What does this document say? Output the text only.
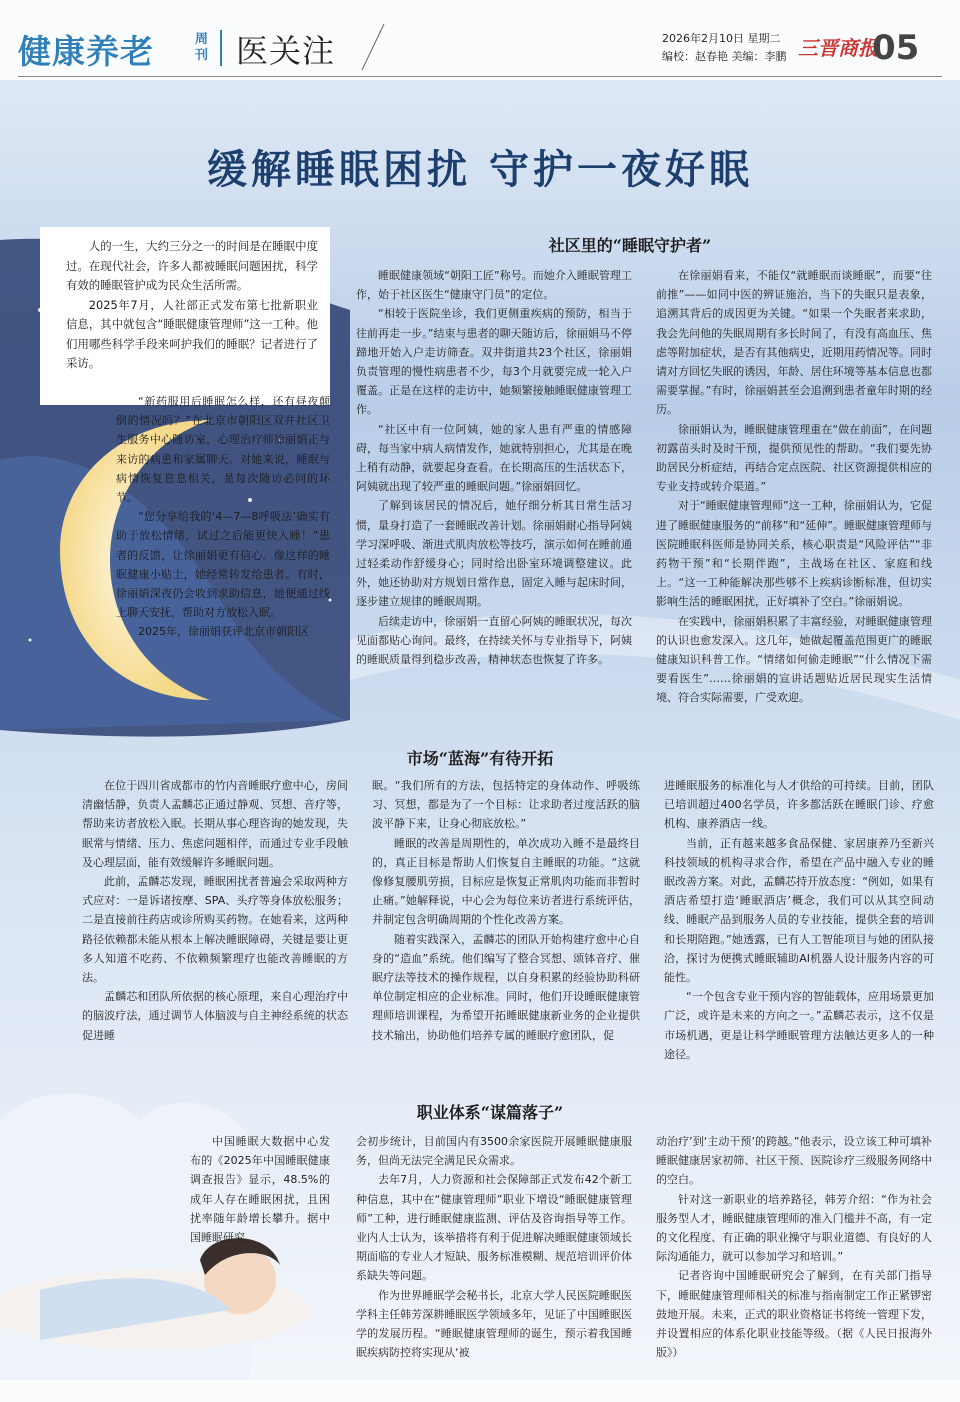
健康养老	周刊 医关注	2026年2月10日 星期二
编校：赵春艳 美编：李鹏 三晋商报
05
缓解睡眠困扰 守护一夜好眠

人的一生，大约三分之一的时间是在睡眠中度过。在现代社会，许多人都被睡眠问题困扰，科学有效的睡眠管护成为民众生活所需。

2025年7月，人社部正式发布第七批新职业信息，其中就包含“睡眠健康管理师”这一工种。他们用哪些科学手段来呵护我们的睡眠？记者进行了采访。

社区里的“睡眠守护者”

“新药服用后睡眠怎么样，还有昼夜颠倒的情况吗？”在北京市朝阳区双井社区卫生服务中心随访室，心理治疗师徐丽娟正与来访的病患和家属聊天。对她来说，睡眠与病情恢复息息相关，是每次随访必问的环节。

“您分享给我的‘4—7—8呼吸法’确实有助于放松情绪，试过之后能更快入睡！”患者的反馈，让徐丽娟更有信心。像这样的睡眠健康小贴士，她经常转发给患者。有时，徐丽娟深夜仍会收到求助信息，她便通过线上聊天安抚，帮助对方放松入眠。

2025年，徐丽娟获评北京市朝阳区

睡眠健康领域“朝阳工匠”称号。而她介入睡眠管理工作，始于社区医生“健康守门员”的定位。

“相较于医院坐诊，我们更侧重疾病的预防，相当于往前再走一步。”结束与患者的聊天随访后，徐丽娟马不停蹄地开始入户走访筛查。双井街道共23个社区，徐丽娟负责管理的慢性病患者不少，每3个月就要完成一轮入户覆盖。正是在这样的走访中，她频繁接触睡眠健康管理工作。

“社区中有一位阿姨，她的家人患有严重的情感障碍，每当家中病人病情发作，她就特别担心，尤其是在晚上稍有动静，就要起身查看。在长期高压的生活状态下，阿姨就出现了较严重的睡眠问题。”徐丽娟回忆。

了解到该居民的情况后，她仔细分析其日常生活习惯，量身打造了一套睡眠改善计划。徐丽娟耐心指导阿姨学习深呼吸、渐进式肌肉放松等技巧，演示如何在睡前通过轻柔动作舒缓身心；同时给出卧室环境调整建议。此外，她还协助对方规划日常作息，固定入睡与起床时间，逐步建立规律的睡眠周期。

后续走访中，徐丽娟一直留心阿姨的睡眠状况，每次见面都贴心询问。最终，在持续关怀与专业指导下，阿姨的睡眠质量得到稳步改善，精神状态也恢复了许多。

在徐丽娟看来，不能仅“就睡眠而谈睡眠”，而要“往前推”——如同中医的辨证施治，当下的失眠只是表象，追溯其背后的成因更为关键。“如果一个失眠者来求助，我会先问他的失眠周期有多长时间了，有没有高血压、焦虑等附加症状，是否有其他病史，近期用药情况等。同时请对方回忆失眠的诱因，年龄、居住环境等基本信息也都需要掌握。”有时，徐丽娟甚至会追溯到患者童年时期的经历。

徐丽娟认为，睡眠健康管理重在“做在前面”，在问题初露苗头时及时干预，提供预见性的帮助。“我们要先协助居民分析症结，再结合定点医院、社区资源提供相应的专业支持或转介渠道。”

对于“睡眠健康管理师”这一工种，徐丽娟认为，它促进了睡眠健康服务的“前移”和“延伸”。睡眠健康管理师与医院睡眠科医师是协同关系，核心职责是“风险评估”“非药物干预”和“长期伴跑”，主战场在社区、家庭和线上。“这一工种能解决那些够不上疾病诊断标准，但切实影响生活的睡眠困扰，正好填补了空白。”徐丽娟说。

在实践中，徐丽娟积累了丰富经验，对睡眠健康管理的认识也愈发深入。这几年，她做起覆盖范围更广的睡眠健康知识科普工作。“情绪如何偷走睡眠”“什么情况下需要看医生”……徐丽娟的宣讲话题贴近居民现实生活情境、符合实际需要，广受欢迎。

市场“蓝海”有待开拓

在位于四川省成都市的竹内音睡眠疗愈中心，房间清幽恬静，负责人孟麟芯正通过静观、冥想、音疗等，帮助来访者放松入眠。长期从事心理咨询的她发现，失眠常与情绪、压力、焦虑问题相伴，而通过专业手段触及心理层面，能有效缓解许多睡眠问题。

此前，孟麟芯发现，睡眠困扰者普遍会采取两种方式应对：一是诉诸按摩、SPA、头疗等身体放松服务；二是直接前往药店或诊所购买药物。在她看来，这两种路径依赖都未能从根本上解决睡眠障碍，关键是要让更多人知道不吃药、不依赖频繁理疗也能改善睡眠的方法。

孟麟芯和团队所依据的核心原理，来自心理治疗中的脑波疗法，通过调节人体脑波与自主神经系统的状态促进睡

眠。“我们所有的方法，包括特定的身体动作、呼吸练习、冥想，都是为了一个目标：让求助者过度活跃的脑波平静下来，让身心彻底放松。”

睡眠的改善是周期性的，单次成功入睡不是最终目的，真正目标是帮助人们恢复自主睡眠的功能。“这就像修复腰肌劳损，目标应是恢复正常肌肉功能而非暂时止痛。”她解释说，中心会为每位来访者进行系统评估，并制定包含明确周期的个性化改善方案。

随着实践深入，孟麟芯的团队开始构建疗愈中心自身的“造血”系统。他们编写了整合冥想、颂钵音疗、催眠疗法等技术的操作规程，以自身积累的经验协助科研单位制定相应的企业标准。同时，他们开设睡眠健康管理师培训课程，为希望开拓睡眠健康新业务的企业提供技术输出，协助他们培养专属的睡眠疗愈团队，促

进睡眠服务的标准化与人才供给的可持续。目前，团队已培训超过400名学员，许多都活跃在睡眠门诊、疗愈机构、康养酒店一线。

当前，正有越来越多食品保健、家居康养乃至新兴科技领域的机构寻求合作，希望在产品中融入专业的睡眠改善方案。对此，孟麟芯持开放态度：“例如，如果有酒店希望打造‘睡眠酒店’概念，我们可以从其空间动线、睡眠产品到服务人员的专业技能，提供全套的培训和长期陪跑。”她透露，已有人工智能项目与她的团队接洽，探讨为便携式睡眠辅助AI机器人设计服务内容的可能性。

“一个包含专业干预内容的智能载体，应用场景更加广泛，或许是未来的方向之一。”孟麟芯表示，这不仅是市场机遇，更是让科学睡眠管理方法触达更多人的一种途径。

职业体系“谋篇落子”

中国睡眠大数据中心发布的《2025年中国睡眠健康调查报告》显示，48.5%的成年人存在睡眠困扰，且困扰率随年龄增长攀升。据中国睡眠研究

会初步统计，目前国内有3500余家医院开展睡眠健康服务，但尚无法完全满足民众需求。

去年7月，人力资源和社会保障部正式发布42个新工种信息，其中在“健康管理师”职业下增设“睡眠健康管理师”工种，进行睡眠健康监测、评估及咨询指导等工作。业内人士认为，该举措将有利于促进解决睡眠健康领域长期面临的专业人才短缺、服务标准模糊、规范培训评价体系缺失等问题。

作为世界睡眠学会秘书长，北京大学人民医院睡眠医学科主任韩芳深耕睡眠医学领域多年，见证了中国睡眠医学的发展历程。“睡眠健康管理师的诞生，预示着我国睡眠疾病防控将实现从‘被

动治疗’到‘主动干预’的跨越。”他表示，设立该工种可填补睡眠健康居家初筛、社区干预、医院诊疗三级服务网络中的空白。

针对这一新职业的培养路径，韩芳介绍：“作为社会服务型人才，睡眠健康管理师的准入门槛并不高，有一定的文化程度、有正确的职业操守与职业道德、有良好的人际沟通能力，就可以参加学习和培训。”

记者咨询中国睡眠研究会了解到，在有关部门指导下，睡眠健康管理师相关的标准与指南制定工作正紧锣密鼓地开展。未来，正式的职业资格证书将统一管理下发，并设置相应的体系化职业技能等级。（据《人民日报海外版》）
